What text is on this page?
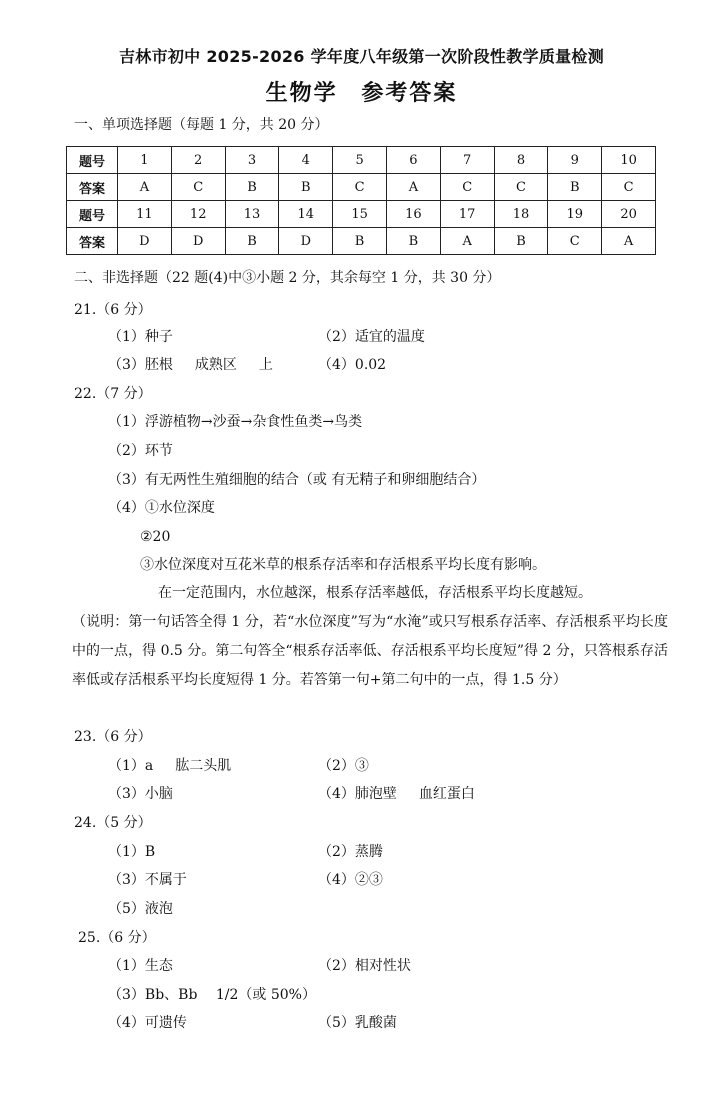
吉林市初中 2025-2026 学年度八年级第一次阶段性教学质量检测
生物学 参考答案
一、单项选择题（每题 1 分，共 20 分）
题号	1	2	3	4	5	6	7	8	9	10
答案	A	C	B	B	C	A	C	C	B	C
题号	11	12	13	14	15	16	17	18	19	20
答案	D	D	B	D	B	B	A	B	C	A
二、非选择题（22 题(4)中③小题 2 分，其余每空 1 分，共 30 分）
21.（6 分）
（1）种子	（2）适宜的温度
（3）胚根 成熟区 上	（4）0.02
22.（7 分）
（1）浮游植物→沙蚕→杂食性鱼类→鸟类
（2）环节
（3）有无两性生殖细胞的结合（或 有无精子和卵细胞结合）
（4）①水位深度
②20
③水位深度对互花米草的根系存活率和存活根系平均长度有影响。
在一定范围内，水位越深，根系存活率越低，存活根系平均长度越短。
（说明：第一句话答全得 1 分，若“水位深度”写为“水淹”或只写根系存活率、存活根系平均长度中的一点，得 0.5 分。第二句答全“根系存活率低、存活根系平均长度短”得 2 分，只答根系存活率低或存活根系平均长度短得 1 分。若答第一句+第二句中的一点，得 1.5 分）
23.（6 分）
（1）a 肱二头肌	（2）③
（3）小脑	（4）肺泡壁 血红蛋白
24.（5 分）
（1）B	（2）蒸腾
（3）不属于	（4）②③
（5）液泡
25.（6 分）
（1）生态	（2）相对性状
（3）Bb、Bb　 1/2（或 50%）
（4）可遗传	（5）乳酸菌
